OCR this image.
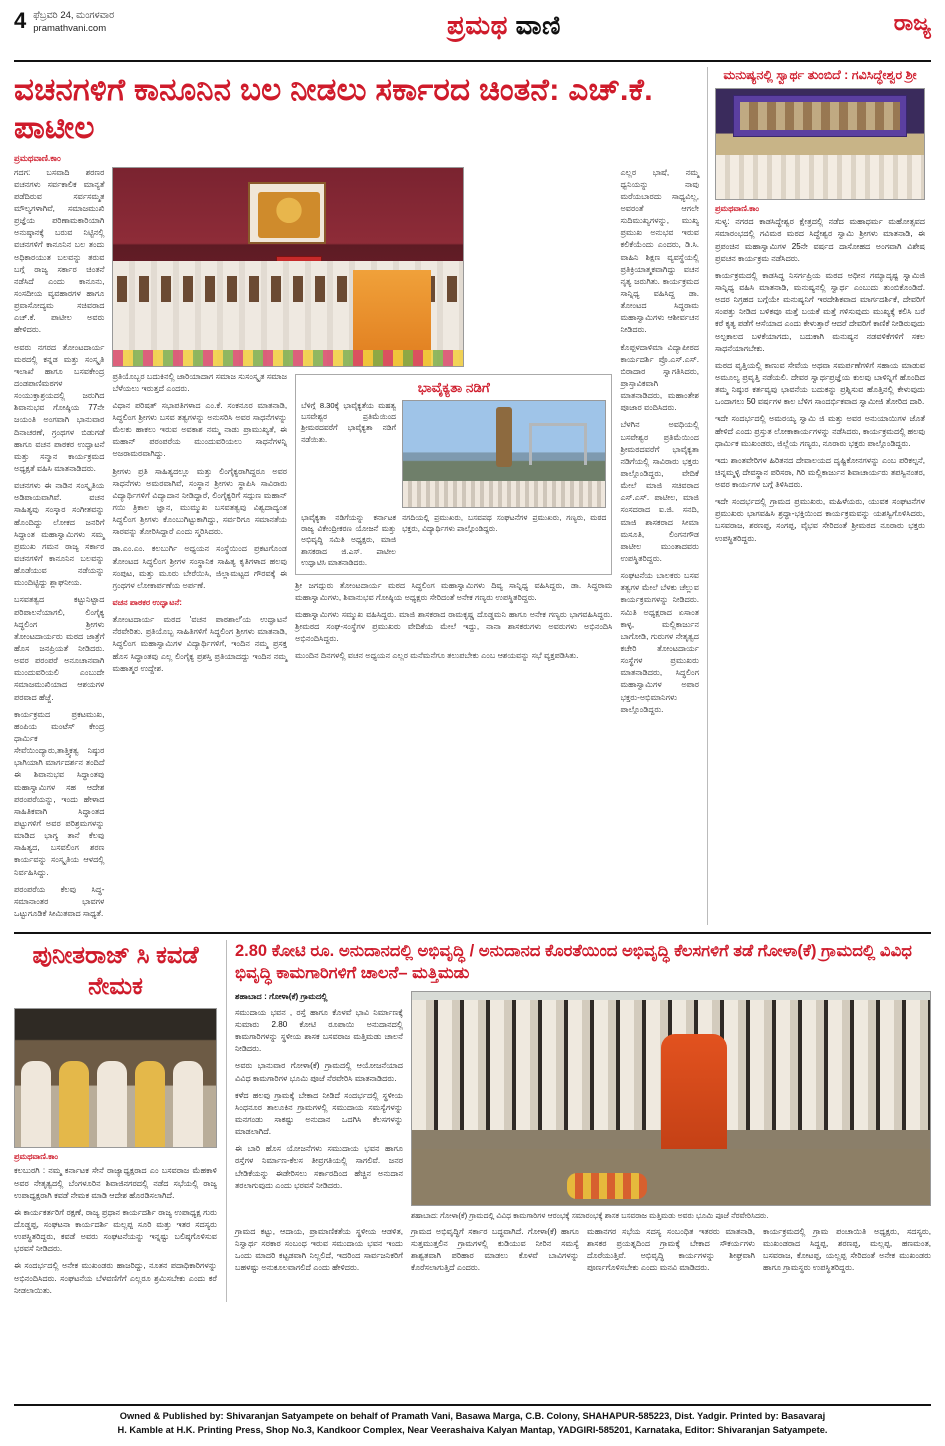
4 ಫೆಬ್ರವರಿ 24, ಮಂಗಳವಾರ
pramathvani.com	ಪ್ರಮಥ ವಾಣಿ	ರಾಜ್ಯ
ವಚನಗಳಿಗೆ ಕಾನೂನಿನ ಬಲ ನೀಡಲು ಸರ್ಕಾರದ ಚಿಂತನೆ: ಎಚ್.ಕೆ. ಪಾಟೀಲ
ಪ್ರಮಥವಾಣಿ.ಕಾಂ

ಗದಗ: ಬಸವಾದಿ ಶರಣರ ವಚನಗಳು ಸರ್ವಕಾಲಿಕ ಮಾನ್ಯತೆ ಪಡೆದಿರುವ ಸರ್ವಸಮ್ಮತ ಮೌಲ್ಯಗಳಾಗಿವೆ, ಸಮಾಜಮುಖಿ ಪ್ರಜ್ಞೆಯ ಪರಿಣಾಮಕಾರಿಯಾಗಿ ಅನುಷ್ಠಾನಕ್ಕೆ ಬರುವ ನಿಟ್ಟಿನಲ್ಲಿ ವಚನಗಳಿಗೆ ಕಾನೂನಿನ ಬಲ ತಂದು ಅಧಿಕಾರಯುತ ಬಲವನ್ನು ತರುವ ಬಗ್ಗೆ ರಾಜ್ಯ ಸರ್ಕಾರ ಚಿಂತನೆ ನಡೆಸಿದೆ ಎಂದು ಕಾನೂನು, ಸಂಸದೀಯ ವ್ಯವಹಾರಗಳ ಹಾಗೂ ಪ್ರವಾಸೋದ್ಯಮ ಸಚಿವರಾದ ಎಚ್.ಕೆ. ಪಾಟೀಲ ಅವರು ಹೇಳಿದರು.

ಅವರು ನಗರದ ತೋಂಟದಾರ್ಯ ಮಠದಲ್ಲಿ ಕನ್ನಡ ಮತ್ತು ಸಂಸ್ಕೃತಿ ಇಲಾಖೆ ಹಾಗೂ ಬಸವಕೇಂದ್ರ ದಂಡಪಾಣಿಮಠಗಳ ಸಂಯುಕ್ತಾಶ್ರಯದಲ್ಲಿ ಜರುಗಿದ ಶಿವಾನುಭವ ಗೋಷ್ಠಿಯ 77ನೇ ಜಯಂತಿ ಅಂಗವಾಗಿ ಭಾನುವಾರ ದಿನಾಚರಣೆ, ಗ್ರಂಥಗಳ ಬಿಡುಗಡೆ ಹಾಗೂ ವಚನ ಪಾಠಕರ ಉದ್ಘಾಟನೆ ಮತ್ತು ಸನ್ಮಾನ ಕಾರ್ಯಕ್ರಮದ ಅಧ್ಯಕ್ಷತೆ ವಹಿಸಿ ಮಾತನಾಡಿದರು.

ವಚನಗಳು ಈ ನಾಡಿನ ಸಂಸ್ಕೃತಿಯ ಅಡಿಪಾಯವಾಗಿವೆ. ವಚನ ಸಾಹಿತ್ಯವು ಸಂಸ್ಕಾರ ಸಂಗೀತವನ್ನು ಹೊಂದಿದ್ದು ಲೋಕದ ಜನರಿಗೆ ಸಿದ್ಧಾಂತ ಮಹಾಸ್ವಾಮಿಗಳು ಸಮ್ಮ ಪ್ರಮುಖ ಗಮನ ರಾಜ್ಯ ಸರ್ಕಾರ ವಚನಗಳಿಗೆ ಕಾನೂನಿನ ಬಲವನ್ನು ಹೊಡೆಯುವ ನಡೆಯನ್ನು ಮುಂದಿಟ್ಟಿದ್ದು ಶ್ಲಾಘನೀಯ.

ಬಸವತತ್ವದ ಕಟ್ಟುನಿಟ್ಟಾದ ಪರಿಪಾಲನೆಯಾಗಲಿ, ಲಿಂಗೈಕ್ಯ ಸಿದ್ಧಲಿಂಗ ಶ್ರೀಗಳು ತೋಂಟದಾರ್ಯರು ಮಠದ ಜಾತ್ರೆಗೆ ಹೊಸ ಜನಪ್ರಿಯತೆ ನೀಡಿದರು. ಅವರ ಪರಂಪರೆ ಅನೂಚಾನವಾಗಿ ಮುಂದುವರಿಯಲಿ ಎಂಬುದೇ ಸಮಾಜಮುಖಿಯಾದ ಆಶಯಗಳ ಪರವಾದ ಹೆಜ್ಜೆ.

ಕಾರ್ಯಕ್ರಮದ ಪ್ರಕಟಮುಖ, ಹಂಪಿಯ ಮಂಟೆಸ್ ಕೇಂದ್ರ ಧಾರ್ಮಿಕ ಸೇವೆಯಿಂದ್ಯಾರು,ತಾತ್ತ್ವಿಕತ್ವ ನಿಷ್ಠುರ ಭಾಗಿಯಾಗಿ ಮಾರ್ಗದರ್ಶನ ತಂದಿದೆ ಈ ಶಿವಾನುಭವ ಸಿದ್ಧಾಂತವು ಮಹಾಸ್ವಾಮಿಗಳ ಸಹ ಆದೇಶ ಪರಂಪರೆಯನ್ನು, ಇಂದು ಹೇಳಾದ ಸಾಹಿತಿಕವಾಗಿ ಸಿದ್ಧಾಂತದ ಪಟ್ಟುಗಳಿಗೆ ಅವರ ಪರಿಶ್ರಮಗಳನ್ನು ಮಾಡಿದ ಭಾಗ್ಯ ತಾನೆ ಕೆಲವು ಸಾಹಿತ್ಯದ, ಬಸವಲಿಂಗ ಶರಣ ಕಾರ್ಯವನ್ನು ಸಂಸ್ಕೃತಿಯ ಆಳದಲ್ಲಿ ನಿರ್ವಹಿಸಿದ್ದು.

ಪರಂಪರೆಯ ಕೆಲವು ಸಿದ್ಧ-ಸಮಾನಾಂತರ ಭಾವಗಳ ಒಟ್ಟುಗೂಡಿಕೆ ಸೀಮಿತವಾದ ಸಾಧ್ಯತೆ.

ಪ್ರತಿಯೊಬ್ಬರ ಬದುಕಿನಲ್ಲಿ ಜಾರಿಯಾದಾಗ ಸಮಾಜ ಸುಸಂಸ್ಕೃತ ಸಮಾಜ ಬೆಳೆಯಲು ಇರುತ್ತದೆ ಎಂದರು.

ವಿಧಾನ ಪರಿಷತ್ ಸಭಾಪತಿಗಳಾದ ಎಂ.ಕೆ. ಸಂಕನೂರ ಮಾತನಾಡಿ, ಸಿದ್ಧಲಿಂಗ ಶ್ರೀಗಳು ಬಸವ ತತ್ವಗಳನ್ನು ಅನುಸರಿಸಿ ಅವರ ಸಾಧನೆಗಳನ್ನು ಮೆಲಕು ಹಾಕಲು ಇರುವ ಅವಕಾಶ ನಮ್ಮ ನಾಡು ಪ್ರಾಮುಖ್ಯತೆ, ಈ ಮಹಾನ್ ಪರಂಪರೆಯ ಮುಂದುವರಿಯಲು ಸಾಧನೆಗಳನ್ನಿ ಅಜರಾಮರವಾಗಿದ್ದು.

ಶ್ರೀಗಳು ಪ್ರತಿ ಸಾಹಿತ್ಯದಲ್ಲೂ ಮತ್ತು ಲಿಂಗೈಕ್ಯರಾಗಿದ್ದರೂ ಅವರ ಸಾಧನೆಗಳು ಅಮರವಾಗಿವೆ, ಸಂಸ್ಥಾನ ಶ್ರೀಗಳು ಸ್ಥಾಪಿಸಿ ಸಾವಿರಾರು ವಿದ್ಯಾರ್ಥಿಗಳಿಗೆ ವಿದ್ಯಾದಾನ ನೀಡಿದ್ದಾರೆ, ಲಿಂಗೈಕ್ಯರಿಗೆ ಸದ್ಗುಣ ಮಹಾನ್ ಗಯಿ ತ್ರಿಕಾಲ ಜ್ಞಾನ, ಮುಮ್ಮುಖ ಬಸವತತ್ವವು ವಿಶ್ವದಾದ್ಯಂತ ಸಿದ್ಧಲಿಂಗ ಶ್ರೀಗಳು ಕೊಂಬುಗಿಟ್ಟುಕಾಗಿದ್ದು, ಸರ್ವರಿಗೂ ಸಮಾನತೆಯ ಸಾರವನ್ನು ತೋರಿಸಿದ್ದಾರೆ ಎಂದು ಸ್ಮರಿಸಿದರು.

ಡಾ.ಎಂ.ಎಂ. ಕಲಬುರ್ಗಿ ಅಧ್ಯಯನ ಸಂಸ್ಥೆಯಿಂದ ಪ್ರಕಟಗೊಂಡ ತೋಂಟದ ಸಿದ್ಧಲಿಂಗ ಶ್ರೀಗಳ ಸಂಸ್ಥಾನಿಕ ಸಾಹಿತ್ಯ ಕೃತಿಗಳಾದ ಹಲವು ಸಂಪುಟ, ಮತ್ತು ಮೂರು ಬೇರೆಯಿಸಿ, ಜಿಲ್ಲಾಮಟ್ಟದ ಗೌರವಕ್ಕೆ ಈ ಗ್ರಂಥಗಳ ಲೋಕಾರ್ಪಣೆಯ ಅರ್ಪಣೆ.

ವಚನ ಪಾಠಕರ ಉದ್ಘಾಟನೆ:

ತೋಂಟದಾರ್ಯ ಮಠದ 'ವಚನ ಪಾಠಶಾಲೆ'ಯ ಉದ್ಘಾಟನೆ ನೆರವೇರಿತು. ಪ್ರತಿಯೊಬ್ಬ ಸಾಹಿತಿಗಳಿಗೆ ಸಿದ್ಧಲಿಂಗ ಶ್ರೀಗಳು ಮಾತನಾಡಿ, ಸಿದ್ಧಲಿಂಗ ಮಹಾಸ್ವಾಮಿಗಳ ವಿದ್ಯಾರ್ಥಿಗಳಿಗೆ, ಇಂದಿನ ನಮ್ಮ ಪ್ರಸಕ್ತ ಹೊಸ ಸಿದ್ಧಾಂತವು ಎಲ್ಲ ಲಿಂಗೈಕ್ಯ ಪ್ರಶಸ್ತಿ ಪ್ರತಿಯಾದದ್ದು ಇಂದಿನ ನಮ್ಮ ಮಹಾತ್ಮರ ಉದ್ದೇಶ.

ಭಾವೈಕ್ಯತಾ ನಡಿಗೆ
ಬೆಳಿಗ್ಗೆ 8.30ಕ್ಕೆ ಭಾವೈಕ್ಯತೆಯ ಮಹತ್ವ ಬಸವೇಶ್ವರ ಪ್ರತಿಮೆಯಿಂದ ಶ್ರೀಮಠದವರೆಗೆ ಭಾವೈಕ್ಯತಾ ನಡಿಗೆ ನಡೆಯಿತು.
ಭಾವೈಕ್ಯತಾ ನಡಿಗೆಯನ್ನು ಕರ್ನಾಟಕ ರಾಜ್ಯ ವಿಕೇಂದ್ರೀಕರಣ ಯೋಜನೆ ಮತ್ತು ಅಭಿವೃದ್ಧಿ ಸಮಿತಿ ಅಧ್ಯಕ್ಷರು, ಮಾಜಿ ಶಾಸಕರಾದ ಜಿ.ಎಸ್. ಪಾಟೀಲ ಉದ್ಘಾಟಿಸಿ ಮಾತನಾಡಿದರು.
ನಗದಿಯಲ್ಲಿ ಪ್ರಮುಖರು, ಬಸವಪಥ ಸಂಘಟನೆಗಳ ಪ್ರಮುಖರು, ಗಣ್ಯರು, ಮಠದ ಭಕ್ತರು, ವಿದ್ಯಾರ್ಥಿಗಳು ಪಾಲ್ಗೊಂಡಿದ್ದರು.

ಶ್ರೀ ಜಗದ್ಗುರು ತೋಂಟದಾರ್ಯ ಮಠದ ಸಿದ್ಧಲಿಂಗ ಮಹಾಸ್ವಾಮಿಗಳು ದಿವ್ಯ ಸಾನ್ನಿಧ್ಯ ವಹಿಸಿದ್ದರು, ಡಾ. ಸಿದ್ಧರಾಮ ಮಹಾಸ್ವಾಮಿಗಳು, ಶಿವಾನುಭವ ಗೋಷ್ಠಿಯ ಅಧ್ಯಕ್ಷರು ಸೇರಿದಂತೆ ಅನೇಕ ಗಣ್ಯರು ಉಪಸ್ಥಿತರಿದ್ದರು.

ಮಹಾಸ್ವಾಮಿಗಳು ಸಮ್ಮುಖ ವಹಿಸಿದ್ದರು. ಮಾಜಿ ಶಾಸಕರಾದ ರಾಮಕೃಷ್ಣ ದೊಡ್ಡಮನಿ ಹಾಗೂ ಅನೇಕ ಗಣ್ಯರು ಭಾಗವಹಿಸಿದ್ದರು. ಶ್ರೀಮಠದ ಸಂಘ-ಸಂಸ್ಥೆಗಳ ಪ್ರಮುಖರು ವೇದಿಕೆಯ ಮೇಲೆ ಇದ್ದು, ನಾನಾ ಶಾಸಕರುಗಳು ಅವರುಗಳು ಅಭಿನಂದಿಸಿ ಅಭಿನಂದಿಸಿದ್ದರು.

ಮುಂದಿನ ದಿನಗಳಲ್ಲಿ ವಚನ ಅಧ್ಯಯನ ಎಲ್ಲರ ಮನೆಮನೆಗೂ ತಲುಪಬೇಕು ಎಂಬ ಆಶಯವನ್ನು ಸಭೆ ವ್ಯಕ್ತಪಡಿಸಿತು.

ಎಲ್ಲರ ಭಾಷೆ, ನಮ್ಮ ಧ್ವನಿಯನ್ನು ನಾವು ಮರೆಯಬಾರದು ಸಾಧ್ಯವಿಲ್ಲ, ಅವರಂತೆ ಆಗಲೇ ಸುದಿಮುಖ್ಯಗಳನ್ನು, ಮುಖ್ಯ ಪ್ರಮುಖ ಅನುಭವ ಇರುವ ಕಲಿಕೆಯೆಂದು ಎಂದರು, ಡಿ.ಸಿ. ವಾಹಿನಿ ಶಿಕ್ಷಣ ವ್ಯವಸ್ಥೆಯಲ್ಲಿ ಪ್ರತಿಕ್ರಿಯಾತ್ಮಕವಾಗಿದ್ದು ವಚನ ನೃತ್ಯ ಜರುಗಿತು. ಕಾರ್ಯಕ್ರಮದ ಸಾನ್ನಿಧ್ಯ ವಹಿಸಿದ್ದ ಡಾ. ತೋಂಟದ ಸಿದ್ಧರಾಮ ಮಹಾಸ್ವಾಮಿಗಳು ಆಶೀರ್ವಚನ ನೀಡಿದರು.

ಕೊಪ್ಪಳದಾಳಿಮಾ ವಿದ್ಯಾಪೀಠದ ಕಾರ್ಯದರ್ಶಿ ಪ್ರೊ.ಎಸ್.ಎಸ್. ಬಿರಾದಾರ ಸ್ವಾಗತಿಸಿದರು, ಪ್ರಾಸ್ತಾವಿಕವಾಗಿ ಮಾತನಾಡಿದರು, ಮಹಾಂತೇಶ ಪೂಜಾರ ವಂದಿಸಿದರು.

ಬೆಳಗಿನ ಅವಧಿಯಲ್ಲಿ ಬಸವೇಶ್ವರ ಪ್ರತಿಮೆಯಿಂದ ಶ್ರೀಮಠದವರೆಗೆ ಭಾವೈಕ್ಯತಾ ನಡಿಗೆಯಲ್ಲಿ ಸಾವಿರಾರು ಭಕ್ತರು ಪಾಲ್ಗೊಂಡಿದ್ದರು, ವೇದಿಕೆ ಮೇಲೆ ಮಾಜಿ ಸಚಿವರಾದ ಎಸ್.ಎಸ್. ಪಾಟೀಲ, ಮಾಜಿ ಸಂಸದರಾದ ಐ.ಜಿ. ಸನದಿ, ಮಾಜಿ ಶಾಸಕರಾದ ಸೀಮಾ ಮಸೂತಿ, ಲಿಂಗನಗೌಡ ಪಾಟೀಲ ಮುಂತಾದವರು ಉಪಸ್ಥಿತರಿದ್ದರು.

ಸಂಘಟನೆಯ ಬಾಲಕರು ಬಸವ ತತ್ವಗಳ ಮೇಲೆ ಬೆಳಕು ಚೆಲ್ಲುವ ಕಾರ್ಯಕ್ರಮಗಳನ್ನು ನೀಡಿದರು. ಸಮಿತಿ ಅಧ್ಯಕ್ಷರಾದ ಏಸಾಂತ ಕಾಳ್ಳ, ಮಲ್ಲಿಕಾರ್ಜುನ ಬಾಗೋಡಿ, ಗುರುಗಳ ನೇತೃತ್ವದ ಕಚೇರಿ ತೋಂಟದಾರ್ಯ ಸಂಸ್ಥೆಗಳ ಪ್ರಮುಖರು ಮಾತನಾಡಿದರು, ಸಿದ್ಧಲಿಂಗ ಮಹಾಸ್ವಾಮಿಗಳ ಅಪಾರ ಭಕ್ತರು-ಅಭಿಮಾನಿಗಳು ಪಾಲ್ಗೊಂಡಿದ್ದರು.

ಮನುಷ್ಯನಲ್ಲಿ ಸ್ವಾರ್ಥ ತುಂಬಿದೆ : ಗವಿಸಿದ್ಧೇಶ್ವರ ಶ್ರೀ
ಪ್ರಮಥವಾಣಿ.ಕಾಂ

ಸುಳ್ಯ: ನಗರದ ಕಾಡಸಿದ್ಧೇಶ್ವರ ಕ್ಷೇತ್ರದಲ್ಲಿ ನಡೆದ ಮಹಾಧರ್ಮ ಮಹೋತ್ಸವದ ಸಮಾರಂಭದಲ್ಲಿ ಗವಿಮಠ ಮಠದ ಸಿದ್ಧೇಶ್ವರ ಸ್ವಾಮಿ ಶ್ರೀಗಳು ಮಾತನಾಡಿ, ಈ ಪ್ರಪಂಚಿನ ಮಹಾಸ್ವಾಮಿಗಳ 25ನೇ ವರ್ಷದ ದಾಸೋಹದ ಅಂಗವಾಗಿ ವಿಶೇಷ ಪ್ರವಚನ ಕಾರ್ಯಕ್ರಮ ನಡೆಸಿದರು.

ಕಾರ್ಯಕ್ರಮದಲ್ಲಿ ಕಾಡಸಿದ್ಧ ನಿಸರ್ಗಪ್ರಿಯ ಮಠದ ಅಧೀನ ಗಮ್ಯಾದೃಷ್ಟ ಸ್ವಾಮಿಜಿ ಸಾನ್ನಿಧ್ಯ ವಹಿಸಿ ಮಾತನಾಡಿ, ಮನುಷ್ಯನಲ್ಲಿ ಸ್ವಾರ್ಥ ಎಂಬುದು ತುಂಬಿಕೊಂಡಿದೆ. ಅದರ ನಿಗ್ರಹದ ಬಗ್ಗೆಯೇ ಮನುಷ್ಯನಿಗೆ ಇರದೇಶಿಕವಾದ ಮಾರ್ಗದರ್ಶಿಕೆ, ದೇವರಿಗೆ ಸಂಪತ್ತು ನೀಡಿದ ಬಳಿಕವೂ ಮತ್ತೆ ಬಯಕೆ ಮತ್ತೆ ಗಳಿಸುವುದು ಮುಖ್ಯಕ್ಕೆ ಕಲಿಸಿ ಬರೆ ಕರೆ ಕೃತ್ಯ ಪಡೆಗೆ ಆಸೆಯಾದ ಎಂದು ಕೇಳುತ್ತಾರೆ ಆದರೆ ದೇವರಿಗೆ ಕಾಣಿಕೆ ನೀಡಿರುವುದು ಅಲ್ಪಕಾಲದ ಬಳಕೆಯಾಗದು, ಬದುಕಾಗಿ ಮನುಷ್ಯನ ನಡವಳಿಕೆಗಳಿಗೆ ಸಕಲ ಸಾಧನೆಯಾಗಬೇಕು.

ಮಠದ ವೃತ್ತಿಯಲ್ಲಿ ಕಾಣುವ ಸೇವೆಯ ಅಥವಾ ಸಮರ್ಪಣೆಗಳಿಗೆ ಸಹಾಯ ಮಾಡುವ ಅಮೂಲ್ಯ ಪ್ರವೃತ್ತಿ ನಡೆಯಲಿ. ದೇವರ ಸ್ವಾರ್ಥಪ್ರಜ್ಞೆಯ ಕುಲವು ಬಾಳಿನ್ನಿಗೆ ಹೊಂದಿದ ತಮ್ಮ ನಿಷ್ಠುರ ಕರ್ತವ್ಯವು ಭಾವನೆಯ ಬದುಕನ್ನು ಪ್ರಶ್ನಿಸುವ ಹೊತ್ತಿನಲ್ಲಿ ಕೇಳುವುದು ಒಂದಾಗಲು 50 ವರ್ಷಗಳ ಕಾಲ ಬೆಳಿಗ ಸಾಂದರ್ಭಿಕವಾದ ಸ್ವಾಮೀಜಿ ತೋರಿದ ದಾರಿ.

ಇದೇ ಸಂದರ್ಭದಲ್ಲಿ ಅಮರಯ್ಯ ಸ್ವಾಮಿ ಜಿ ಮತ್ತು ಅವರ ಅನುಯಾಯಿಗಳ ಜೊತೆ ಹೇಳಿದೆ ಎಂದು ಪ್ರಸ್ತುತ ಲೋಕಾಕಾರ್ಯಗಳನ್ನು ನಡೆಸಿದರು, ಕಾರ್ಯಕ್ರಮದಲ್ಲಿ ಹಲವು ಧಾರ್ಮಿಕ ಮುಖಂಡರು, ಜಿಲ್ಲೆಯ ಗಣ್ಯರು, ನೂರಾರು ಭಕ್ತರು ಪಾಲ್ಗೊಂಡಿದ್ದರು.

ಇದು ಶಾಂತವೇರಿಗಳ ಹಿರಿತನದ ದೇವಾಲಯದ ದೃಷ್ಟಿಕೋನಗಳನ್ನು ಎಂಬ ಪರಿಕಲ್ಪನೆ, ಚಿನ್ನಮ್ಮಳ್ಳಿ ದೇವಸ್ಥಾನ ಪರಿಸರಾ, ಗಿರಿ ಮಲ್ಲಿಕಾರ್ಜುನ ಶಿವಾಚಾರ್ಯರು ತಪಸ್ವಿನಂತರ, ಅವರ ಕಾರ್ಯಗಳ ಬಗ್ಗೆ ತಿಳಿಸಿದರು.

ಇದೇ ಸಂದರ್ಭದಲ್ಲಿ ಗ್ರಾಮದ ಪ್ರಮುಖರು, ಮಹಿಳೆಯರು, ಯುವಕ ಸಂಘಟನೆಗಳ ಪ್ರಮುಖರು ಭಾಗವಹಿಸಿ ಶ್ರದ್ಧಾ-ಭಕ್ತಿಯಿಂದ ಕಾರ್ಯಕ್ರಮವನ್ನು ಯಶಸ್ವಿಗೊಳಿಸಿದರು, ಬಸವರಾಜ, ಶರಣಪ್ಪ, ಸಂಗಪ್ಪ, ವೈಭವ ಸೇರಿದಂತೆ ಶ್ರೀಮಠದ ನೂರಾರು ಭಕ್ತರು ಉಪಸ್ಥಿತರಿದ್ದರು.

ಪುನೀತರಾಜ್ ಸಿ ಕವಡೆ ನೇಮಕ
ಪ್ರಮಥವಾಣಿ.ಕಾಂ

ಕಲಬುರಗಿ : ನಮ್ಮ ಕರ್ನಾಟಕ ಸೇನೆ ರಾಜ್ಯಾಧ್ಯಕ್ಷರಾದ ಎಂ ಬಸವರಾಜ ಮೆಹಕಾಳಿ ಅವರ ನೇತೃತ್ವದಲ್ಲಿ ಬೆಂಗಳೂರಿನ ಶಿವಾಜಿನಗರದಲ್ಲಿ ನಡೆದ ಸಭೆಯಲ್ಲಿ ರಾಜ್ಯ ಉಪಾಧ್ಯಕ್ಷರಾಗಿ ಕವಡೆ ನೇಮಕ ಮಾಡಿ ಆದೇಶ ಹೊರಡಿಸಲಾಗಿದೆ.

ಈ ಕಾರ್ಯಕರ್ತರಿಗೆ ರಕ್ಷಣೆ, ರಾಜ್ಯ ಪ್ರಧಾನ ಕಾರ್ಯದರ್ಶಿ ರಾಜ್ಯ ಉಪಾಧ್ಯಕ್ಷ ಗುರು ದೊಡ್ಡಪ್ಪ, ಸಂಘಟನಾ ಕಾರ್ಯದರ್ಶಿ ಮಲ್ಲಪ್ಪ ಸೂರಿ ಮತ್ತು ಇತರ ಸದಸ್ಯರು ಉಪಸ್ಥಿತರಿದ್ದರು, ಕವಡೆ ಅವರು ಸಂಘಟನೆಯನ್ನು ಇನ್ನಷ್ಟು ಬಲಿಷ್ಠಗೊಳಿಸುವ ಭರವಸೆ ನೀಡಿದರು.

ಈ ಸಂದರ್ಭದಲ್ಲಿ ಅನೇಕ ಮುಖಂಡರು ಹಾಜರಿದ್ದು, ನೂತನ ಪದಾಧಿಕಾರಿಗಳನ್ನು ಅಭಿನಂದಿಸಿದರು. ಸಂಘಟನೆಯ ಬೆಳವಣಿಗೆಗೆ ಎಲ್ಲರೂ ಶ್ರಮಿಸಬೇಕು ಎಂದು ಕರೆ ನೀಡಲಾಯಿತು.

2.80 ಕೋಟಿ ರೂ. ಅನುದಾನದಲ್ಲಿ ಅಭಿವೃದ್ಧಿ / ಅನುದಾನದ ಕೊರತೆಯಿಂದ ಅಭಿವೃದ್ಧಿ ಕೆಲಸಗಳಿಗೆ ತಡೆ ಗೋಳಾ(ಕೆ) ಗ್ರಾಮದಲ್ಲಿ ವಿವಿಧ ಭಿವೃದ್ಧಿ ಕಾಮಗಾರಿಗಳಿಗೆ ಚಾಲನೆ– ಮತ್ತಿಮಡು
ಶಹಾಬಾದ : ಗೋಳಾ(ಕೆ) ಗ್ರಾಮದಲ್ಲಿ

ಸಮುದಾಯ ಭವನ , ರಸ್ತೆ ಹಾಗೂ ಕೊಳವೆ ಭಾವಿ ನಿರ್ಮಾಣಕ್ಕೆ ಸುಮಾರು 2.80 ಕೋಟಿ ರೂಪಾಯಿ ಅನುದಾನದಲ್ಲಿ ಕಾಮಗಾರಿಗಳನ್ನು ಸ್ಥಳೀಯ ಶಾಸಕ ಬಸವರಾಜ ಮತ್ತಿಮಡು ಚಾಲನೆ ನೀಡಿದರು.

ಅವರು ಭಾನುವಾರ ಗೋಳಾ(ಕೆ) ಗ್ರಾಮದಲ್ಲಿ ಆಯೋಜನೆಯಾದ ವಿವಿಧ ಕಾಮಗಾರಿಗಳ ಭೂಮಿ ಪೂಜೆ ನೆರವೇರಿಸಿ ಮಾತನಾಡಿದರು.

ಕಳೆದ ಹಲವು ಗ್ರಾಮಕ್ಕೆ ಬೇಕಾದ ನೀಡಿದೆ ಸಂದರ್ಭದಲ್ಲಿ ಸ್ಥಳೀಯ ಸಿಂಧನೂರ ತಾಲೂಕಿನ ಗ್ರಾಮಗಳಲ್ಲಿ ಸಮುದಾಯ ಸಮಸ್ಯೆಗಳನ್ನು ಮನಗಂಡು ಸಾಕಷ್ಟು ಅನುದಾನ ಒದಗಿಸಿ ಕೆಲಸಗಳನ್ನು ಮಾಡಲಾಗಿದೆ.

ಈ ಬಾರಿ ಹೊಸ ಯೋಜನೆಗಳು ಸಮುದಾಯ ಭವನ ಹಾಗೂ ರಸ್ತೆಗಳ ನಿರ್ಮಾಣ-ಕೆಲಸ ತೀವ್ರಗತಿಯಲ್ಲಿ ಸಾಗಲಿವೆ. ಜನರ ಬೇಡಿಕೆಯನ್ನು ಈಡೇರಿಸಲು ಸರ್ಕಾರದಿಂದ ಹೆಚ್ಚಿನ ಅನುದಾನ ತರಲಾಗುವುದು ಎಂದು ಭರವಸೆ ನೀಡಿದರು.

ಶಹಾಬಾದ: ಗೋಳಾ(ಕೆ) ಗ್ರಾಮದಲ್ಲಿ ವಿವಿಧ ಕಾಮಗಾರಿಗಳ ಆರಂಭಕ್ಕೆ ಸಮಾರಂಭಕ್ಕೆ ಶಾಸಕ ಬಸವರಾಜ ಮತ್ತಿಮಡು ಅವರು ಭೂಮಿ ಪೂಜೆ ನೆರವೇರಿಸಿದರು.

ಗ್ರಾಮದ ಕಟ್ಟು, ಆದಾಯ, ಪ್ರಾಮಾಣಿಕತೆಯ ಸ್ಥಳೀಯ ಆಡಳಿತ, ನಿಸ್ವಾರ್ಥ ಸರಕಾರ ಸಂಬಂಧ ಇರುವ ಸಮುದಾಯ ಭವನ ಇಂದು ಒಂದು ಮಾದರಿ ಕಟ್ಟಡವಾಗಿ ನಿಲ್ಲಲಿದೆ, ಇದರಿಂದ ಸಾರ್ವಜನಿಕರಿಗೆ ಬಹಳಷ್ಟು ಅನುಕೂಲವಾಗಲಿದೆ ಎಂದು ಹೇಳಿದರು.

ಗ್ರಾಮದ ಅಭಿವೃದ್ಧಿಗೆ ಸರ್ಕಾರ ಬದ್ಧವಾಗಿದೆ. ಗೋಳಾ(ಕೆ) ಹಾಗೂ ಸುತ್ತಮುತ್ತಲಿನ ಗ್ರಾಮಗಳಲ್ಲಿ ಕುಡಿಯುವ ನೀರಿನ ಸಮಸ್ಯೆ ಶಾಶ್ವತವಾಗಿ ಪರಿಹಾರ ಮಾಡಲು ಕೊಳವೆ ಬಾವಿಗಳನ್ನು ಕೊರೆಸಲಾಗುತ್ತಿದೆ ಎಂದರು.

ಮಹಾನಗರ ಸಭೆಯ ಸದಸ್ಯ ಸಂಬಂಧಿತ ಇತರರು ಮಾತನಾಡಿ, ಶಾಸಕರ ಪ್ರಯತ್ನದಿಂದ ಗ್ರಾಮಕ್ಕೆ ಬೇಕಾದ ಸೌಕರ್ಯಗಳು ದೊರೆಯುತ್ತಿವೆ. ಅಭಿವೃದ್ಧಿ ಕಾರ್ಯಗಳನ್ನು ಶೀಘ್ರವಾಗಿ ಪೂರ್ಣಗೊಳಿಸಬೇಕು ಎಂದು ಮನವಿ ಮಾಡಿದರು.

ಕಾರ್ಯಕ್ರಮದಲ್ಲಿ ಗ್ರಾಮ ಪಂಚಾಯಿತಿ ಅಧ್ಯಕ್ಷರು, ಸದಸ್ಯರು, ಮುಖಂಡರಾದ ಸಿದ್ದಪ್ಪ, ಶರಣಪ್ಪ, ಮಲ್ಲಪ್ಪ, ಹಣಮಂತ, ಬಸವರಾಜ, ಕೋಟಪ್ಪ, ಯಲ್ಲಪ್ಪ ಸೇರಿದಂತೆ ಅನೇಕ ಮುಖಂಡರು ಹಾಗೂ ಗ್ರಾಮಸ್ಥರು ಉಪಸ್ಥಿತರಿದ್ದರು.

Owned & Published by: Shivaranjan Satyampete on behalf of Pramath Vani, Basawa Marga, C.B. Colony, SHAHAPUR-585223, Dist. Yadgir. Printed by: Basavaraj

H. Kamble at H.K. Printing Press, Shop No.3, Kandkoor Complex, Near Veerashaiva Kalyan Mantap, YADGIRI-585201, Karnataka, Editor: Shivaranjan Satyampete.
